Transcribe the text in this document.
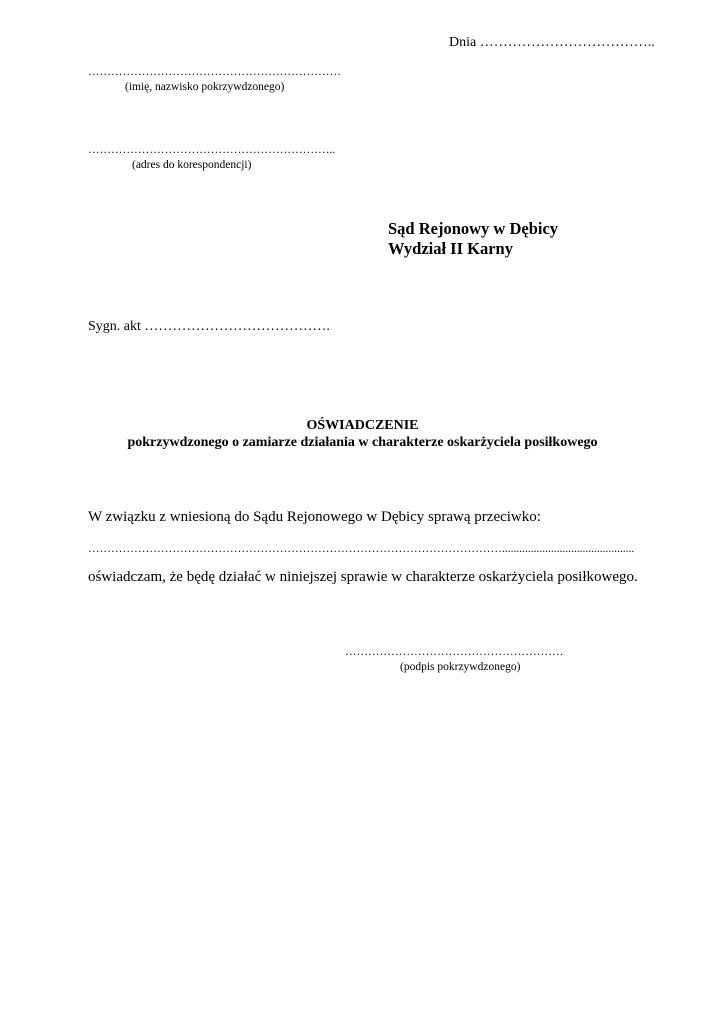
Dnia ………………………………..
…………………………………………………………
(imię, nazwisko pokrzywdzonego)
………………………………………………………..
(adres do korespondencji)
Sąd Rejonowy w Dębicy
Wydział II Karny
Sygn. akt ………………………………….
OŚWIADCZENIE
pokrzywdzonego o zamiarze działania w charakterze oskarżyciela posiłkowego
W związku z wniesioną do Sądu Rejonowego w Dębicy sprawą przeciwko:
………………………………………………………………………………………………..............................................
oświadczam, że będę działać w niniejszej sprawie w charakterze oskarżyciela posiłkowego.
…………………………………………………
(podpis pokrzywdzonego)
